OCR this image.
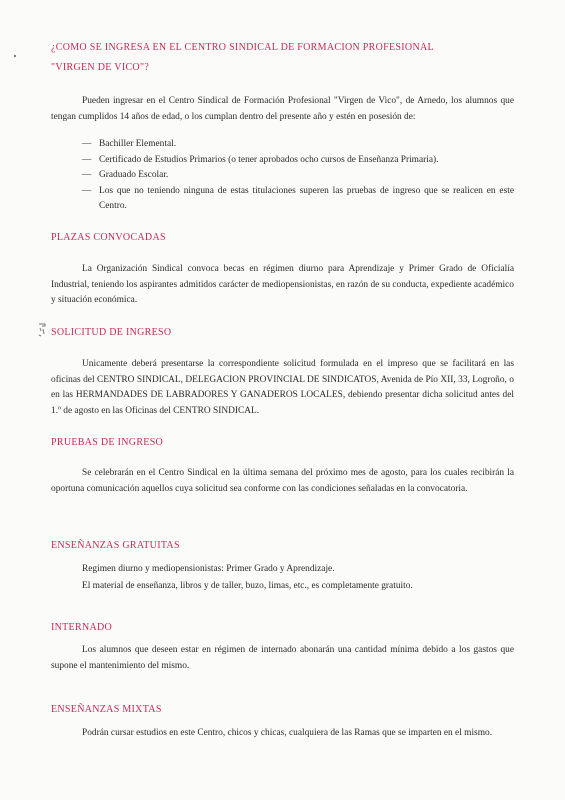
¿COMO SE INGRESA EN EL CENTRO SINDICAL DE FORMACION PROFESIONAL
"VIRGEN DE VICO"?

Pueden ingresar en el Centro Sindical de Formación Profesional "Virgen de Vico", de Arnedo, los alumnos que tengan cumplidos 14 años de edad, o los cumplan dentro del presente año y estén en posesión de:

— Bachiller Elemental.
— Certificado de Estudios Primarios (o tener aprobados ocho cursos de Enseñanza Primaria).
— Graduado Escolar.
— Los que no teniendo ninguna de estas titulaciones superen las pruebas de ingreso que se realicen en este Centro.
PLAZAS CONVOCADAS

La Organización Sindical convoca becas en régimen diurno para Aprendizaje y Primer Grado de Oficialía Industrial, teniendo los aspirantes admitidos carácter de mediopensionistas, en razón de su conducta, expediente académico y situación económica.

SOLICITUD DE INGRESO

Unicamente deberá presentarse la correspondiente solicitud formulada en el impreso que se facilitará en las oficinas del CENTRO SINDICAL, DELEGACION PROVINCIAL DE SINDICATOS, Avenida de Pío XII, 33, Logroño, o en las HERMANDADES DE LABRADORES Y GANADEROS LOCALES, debiendo presentar dicha solicitud antes del 1.º de agosto en las Oficinas del CENTRO SINDICAL.

PRUEBAS DE INGRESO

Se celebrarán en el Centro Sindical en la última semana del próximo mes de agosto, para los cuales recibirán la oportuna comunicación aquellos cuya solicitud sea conforme con las condiciones señaladas en la convocatoria.

ENSEÑANZAS GRATUITAS

Regimen diurno y mediopensionistas: Primer Grado y Aprendizaje.

El material de enseñanza, libros y de taller, buzo, limas, etc., es completamente gratuito.

INTERNADO

Los alumnos que deseen estar en régimen de internado abonarán una cantidad mínima debido a los gastos que supone el mantenimiento del mismo.

ENSEÑANZAS MIXTAS

Podrán cursar estudios en este Centro, chicos y chicas, cualquiera de las Ramas que se imparten en el mismo.
